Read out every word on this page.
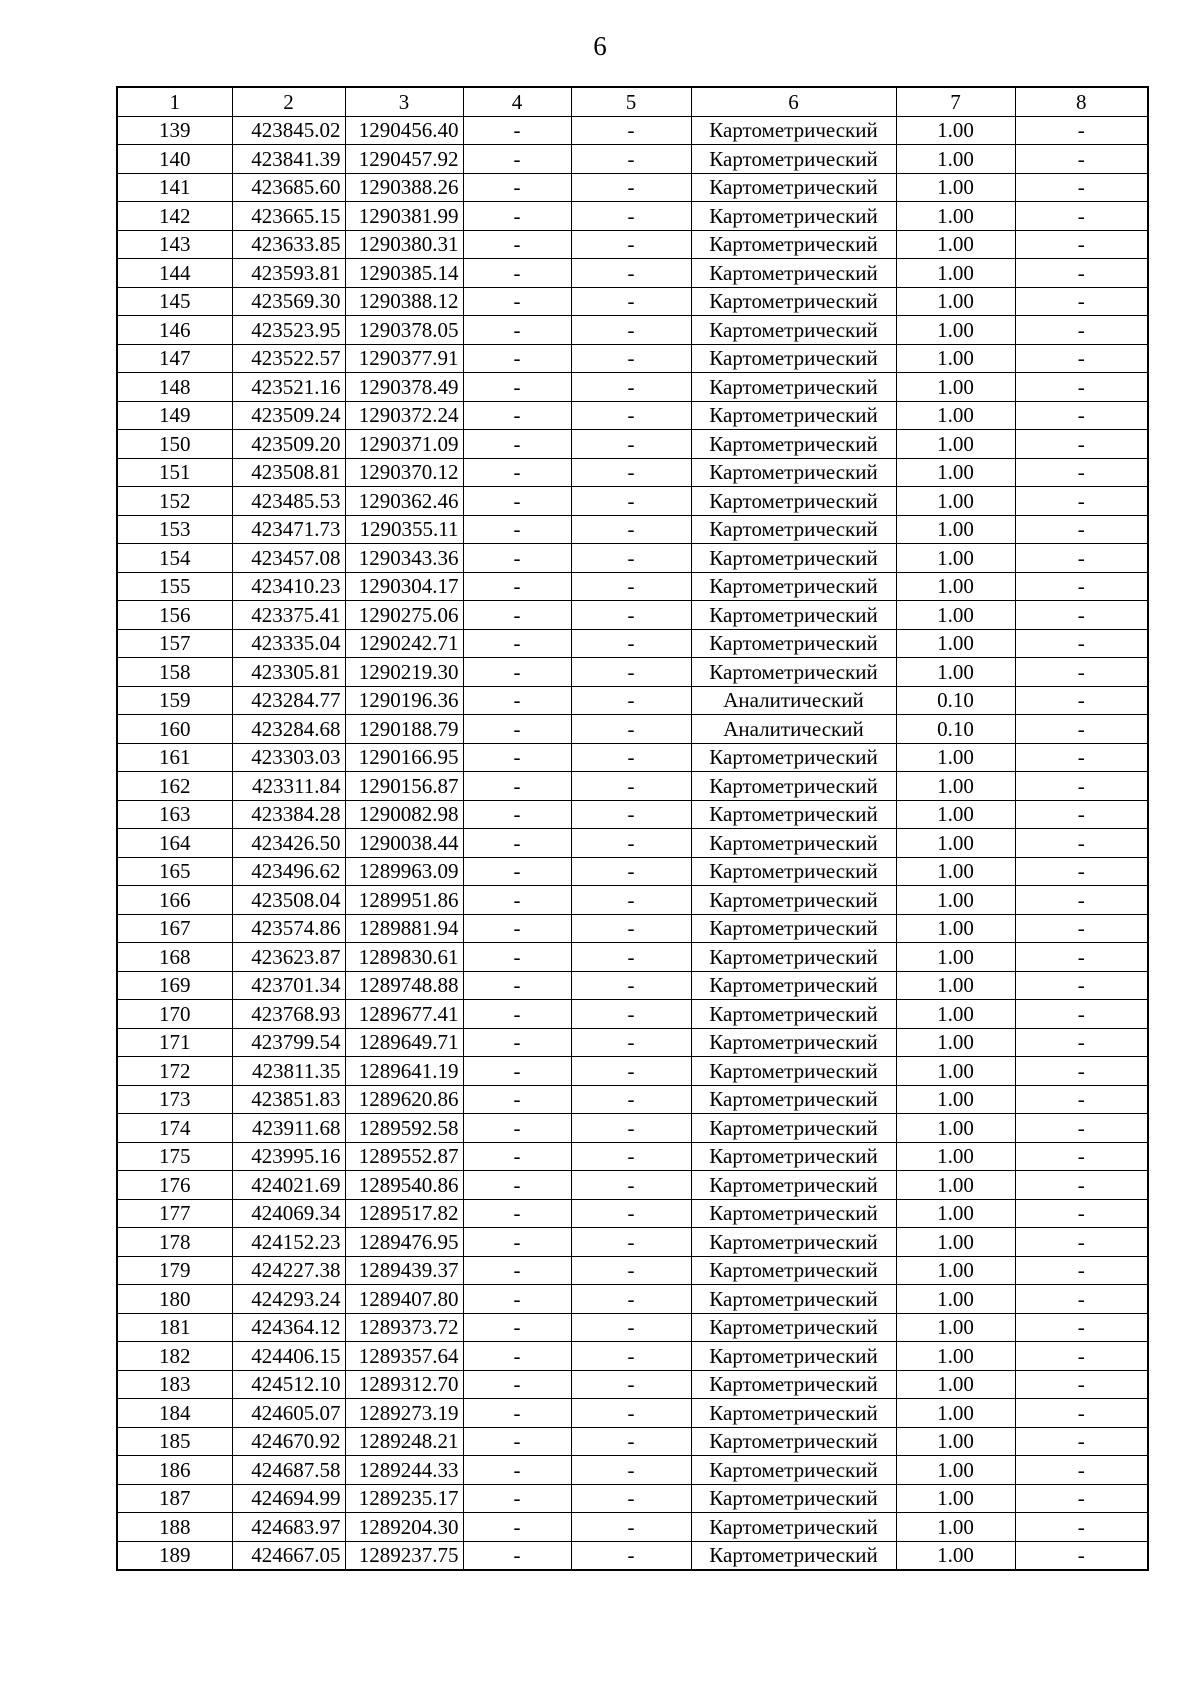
6
1	2	3	4	5	6	7	8
139	423845.02	1290456.40	-	-	Картометрический	1.00	-
140	423841.39	1290457.92	-	-	Картометрический	1.00	-
141	423685.60	1290388.26	-	-	Картометрический	1.00	-
142	423665.15	1290381.99	-	-	Картометрический	1.00	-
143	423633.85	1290380.31	-	-	Картометрический	1.00	-
144	423593.81	1290385.14	-	-	Картометрический	1.00	-
145	423569.30	1290388.12	-	-	Картометрический	1.00	-
146	423523.95	1290378.05	-	-	Картометрический	1.00	-
147	423522.57	1290377.91	-	-	Картометрический	1.00	-
148	423521.16	1290378.49	-	-	Картометрический	1.00	-
149	423509.24	1290372.24	-	-	Картометрический	1.00	-
150	423509.20	1290371.09	-	-	Картометрический	1.00	-
151	423508.81	1290370.12	-	-	Картометрический	1.00	-
152	423485.53	1290362.46	-	-	Картометрический	1.00	-
153	423471.73	1290355.11	-	-	Картометрический	1.00	-
154	423457.08	1290343.36	-	-	Картометрический	1.00	-
155	423410.23	1290304.17	-	-	Картометрический	1.00	-
156	423375.41	1290275.06	-	-	Картометрический	1.00	-
157	423335.04	1290242.71	-	-	Картометрический	1.00	-
158	423305.81	1290219.30	-	-	Картометрический	1.00	-
159	423284.77	1290196.36	-	-	Аналитический	0.10	-
160	423284.68	1290188.79	-	-	Аналитический	0.10	-
161	423303.03	1290166.95	-	-	Картометрический	1.00	-
162	423311.84	1290156.87	-	-	Картометрический	1.00	-
163	423384.28	1290082.98	-	-	Картометрический	1.00	-
164	423426.50	1290038.44	-	-	Картометрический	1.00	-
165	423496.62	1289963.09	-	-	Картометрический	1.00	-
166	423508.04	1289951.86	-	-	Картометрический	1.00	-
167	423574.86	1289881.94	-	-	Картометрический	1.00	-
168	423623.87	1289830.61	-	-	Картометрический	1.00	-
169	423701.34	1289748.88	-	-	Картометрический	1.00	-
170	423768.93	1289677.41	-	-	Картометрический	1.00	-
171	423799.54	1289649.71	-	-	Картометрический	1.00	-
172	423811.35	1289641.19	-	-	Картометрический	1.00	-
173	423851.83	1289620.86	-	-	Картометрический	1.00	-
174	423911.68	1289592.58	-	-	Картометрический	1.00	-
175	423995.16	1289552.87	-	-	Картометрический	1.00	-
176	424021.69	1289540.86	-	-	Картометрический	1.00	-
177	424069.34	1289517.82	-	-	Картометрический	1.00	-
178	424152.23	1289476.95	-	-	Картометрический	1.00	-
179	424227.38	1289439.37	-	-	Картометрический	1.00	-
180	424293.24	1289407.80	-	-	Картометрический	1.00	-
181	424364.12	1289373.72	-	-	Картометрический	1.00	-
182	424406.15	1289357.64	-	-	Картометрический	1.00	-
183	424512.10	1289312.70	-	-	Картометрический	1.00	-
184	424605.07	1289273.19	-	-	Картометрический	1.00	-
185	424670.92	1289248.21	-	-	Картометрический	1.00	-
186	424687.58	1289244.33	-	-	Картометрический	1.00	-
187	424694.99	1289235.17	-	-	Картометрический	1.00	-
188	424683.97	1289204.30	-	-	Картометрический	1.00	-
189	424667.05	1289237.75	-	-	Картометрический	1.00	-
